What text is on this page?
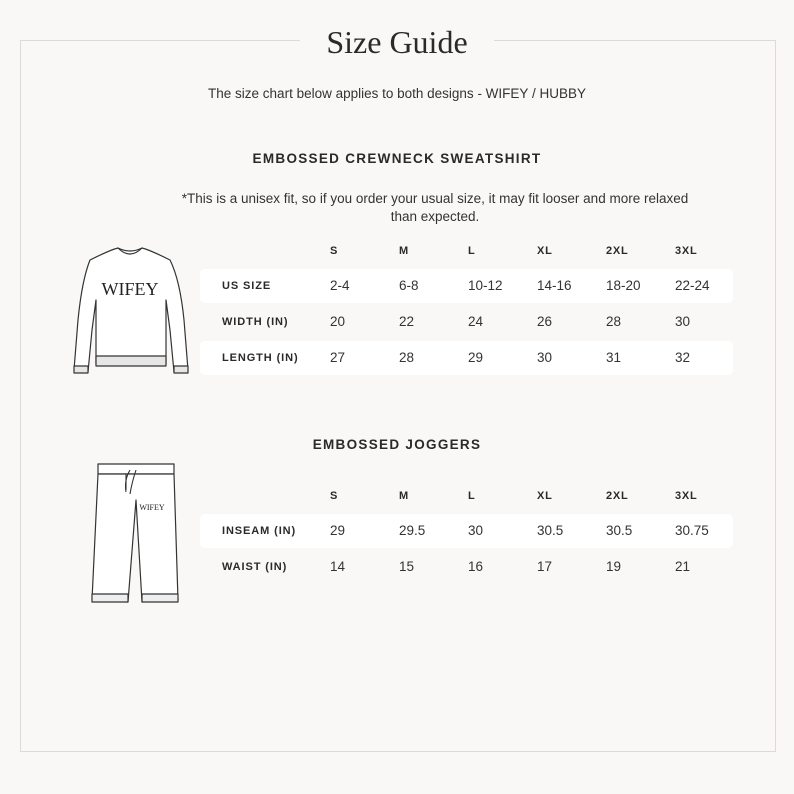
Size Guide
The size chart below applies to both designs - WIFEY / HUBBY
EMBOSSED CREWNECK SWEATSHIRT
*This is a unisex fit, so if you order your usual size, it may fit looser and more relaxed than expected.
WIFEY
S	M	L	XL	2XL	3XL
US SIZE	2-4	6-8	10-12	14-16	18-20	22-24
WIDTH (IN)	20	22	24	26	28	30
LENGTH (IN) 27	28	29	30	31	32
EMBOSSED JOGGERS
WIFEY
S	M	L	XL	2XL	3XL
INSEAM (IN)	29	29.5	30	30.5	30.5	30.75
WAIST (IN)	14	15	16	17	19	21
